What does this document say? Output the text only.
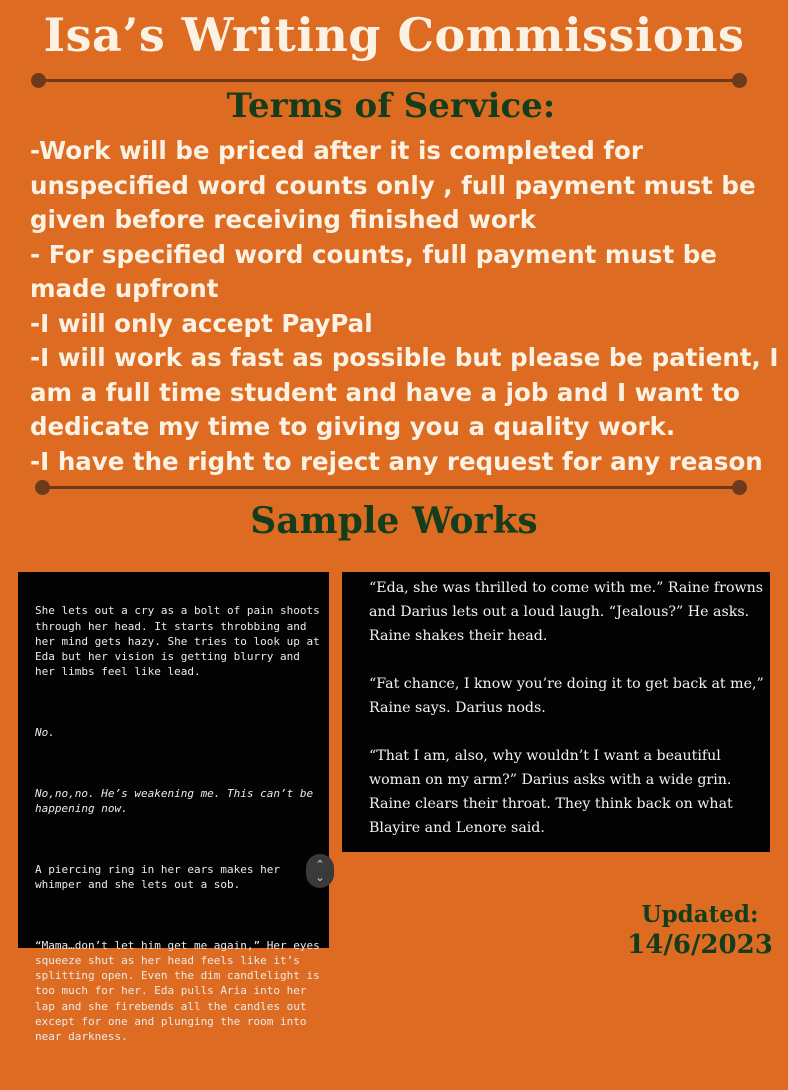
Isa’s Writing Commissions
Terms of Service:

-Work will be priced after it is completed for unspecified word counts only , full payment must be given before receiving finished work

- For specified word counts, full payment must be made upfront

-I will only accept PayPal

-I will work as fast as possible but please be patient, I am a full time student and have a job and I want to dedicate my time to giving you a quality work.

-I have the right to reject any request for any reason

Sample Works

She lets out a cry as a bolt of pain shoots through her head. It starts throbbing and her mind gets hazy. She tries to look up at Eda but her vision is getting blurry and her limbs feel like lead.

No.

No,no,no. He’s weakening me. This can’t be happening now.

A piercing ring in her ears makes her whimper and she lets out a sob.

“Mama…don’t let him get me again,” Her eyes squeeze shut as her head feels like it’s splitting open. Even the dim candlelight is too much for her. Eda pulls Aria into her lap and she firebends all the candles out except for one and plunging the room into near darkness.

⌃
⌄

“Eda, she was thrilled to come with me.” Raine frowns and Darius lets out a loud laugh. “Jealous?” He asks. Raine shakes their head.

“Fat chance, I know you’re doing it to get back at me,” Raine says. Darius nods.

“That I am, also, why wouldn’t I want a beautiful woman on my arm?” Darius asks with a wide grin. Raine clears their throat. They think back on what Blayire and Lenore said.

Updated:
14/6/2023
